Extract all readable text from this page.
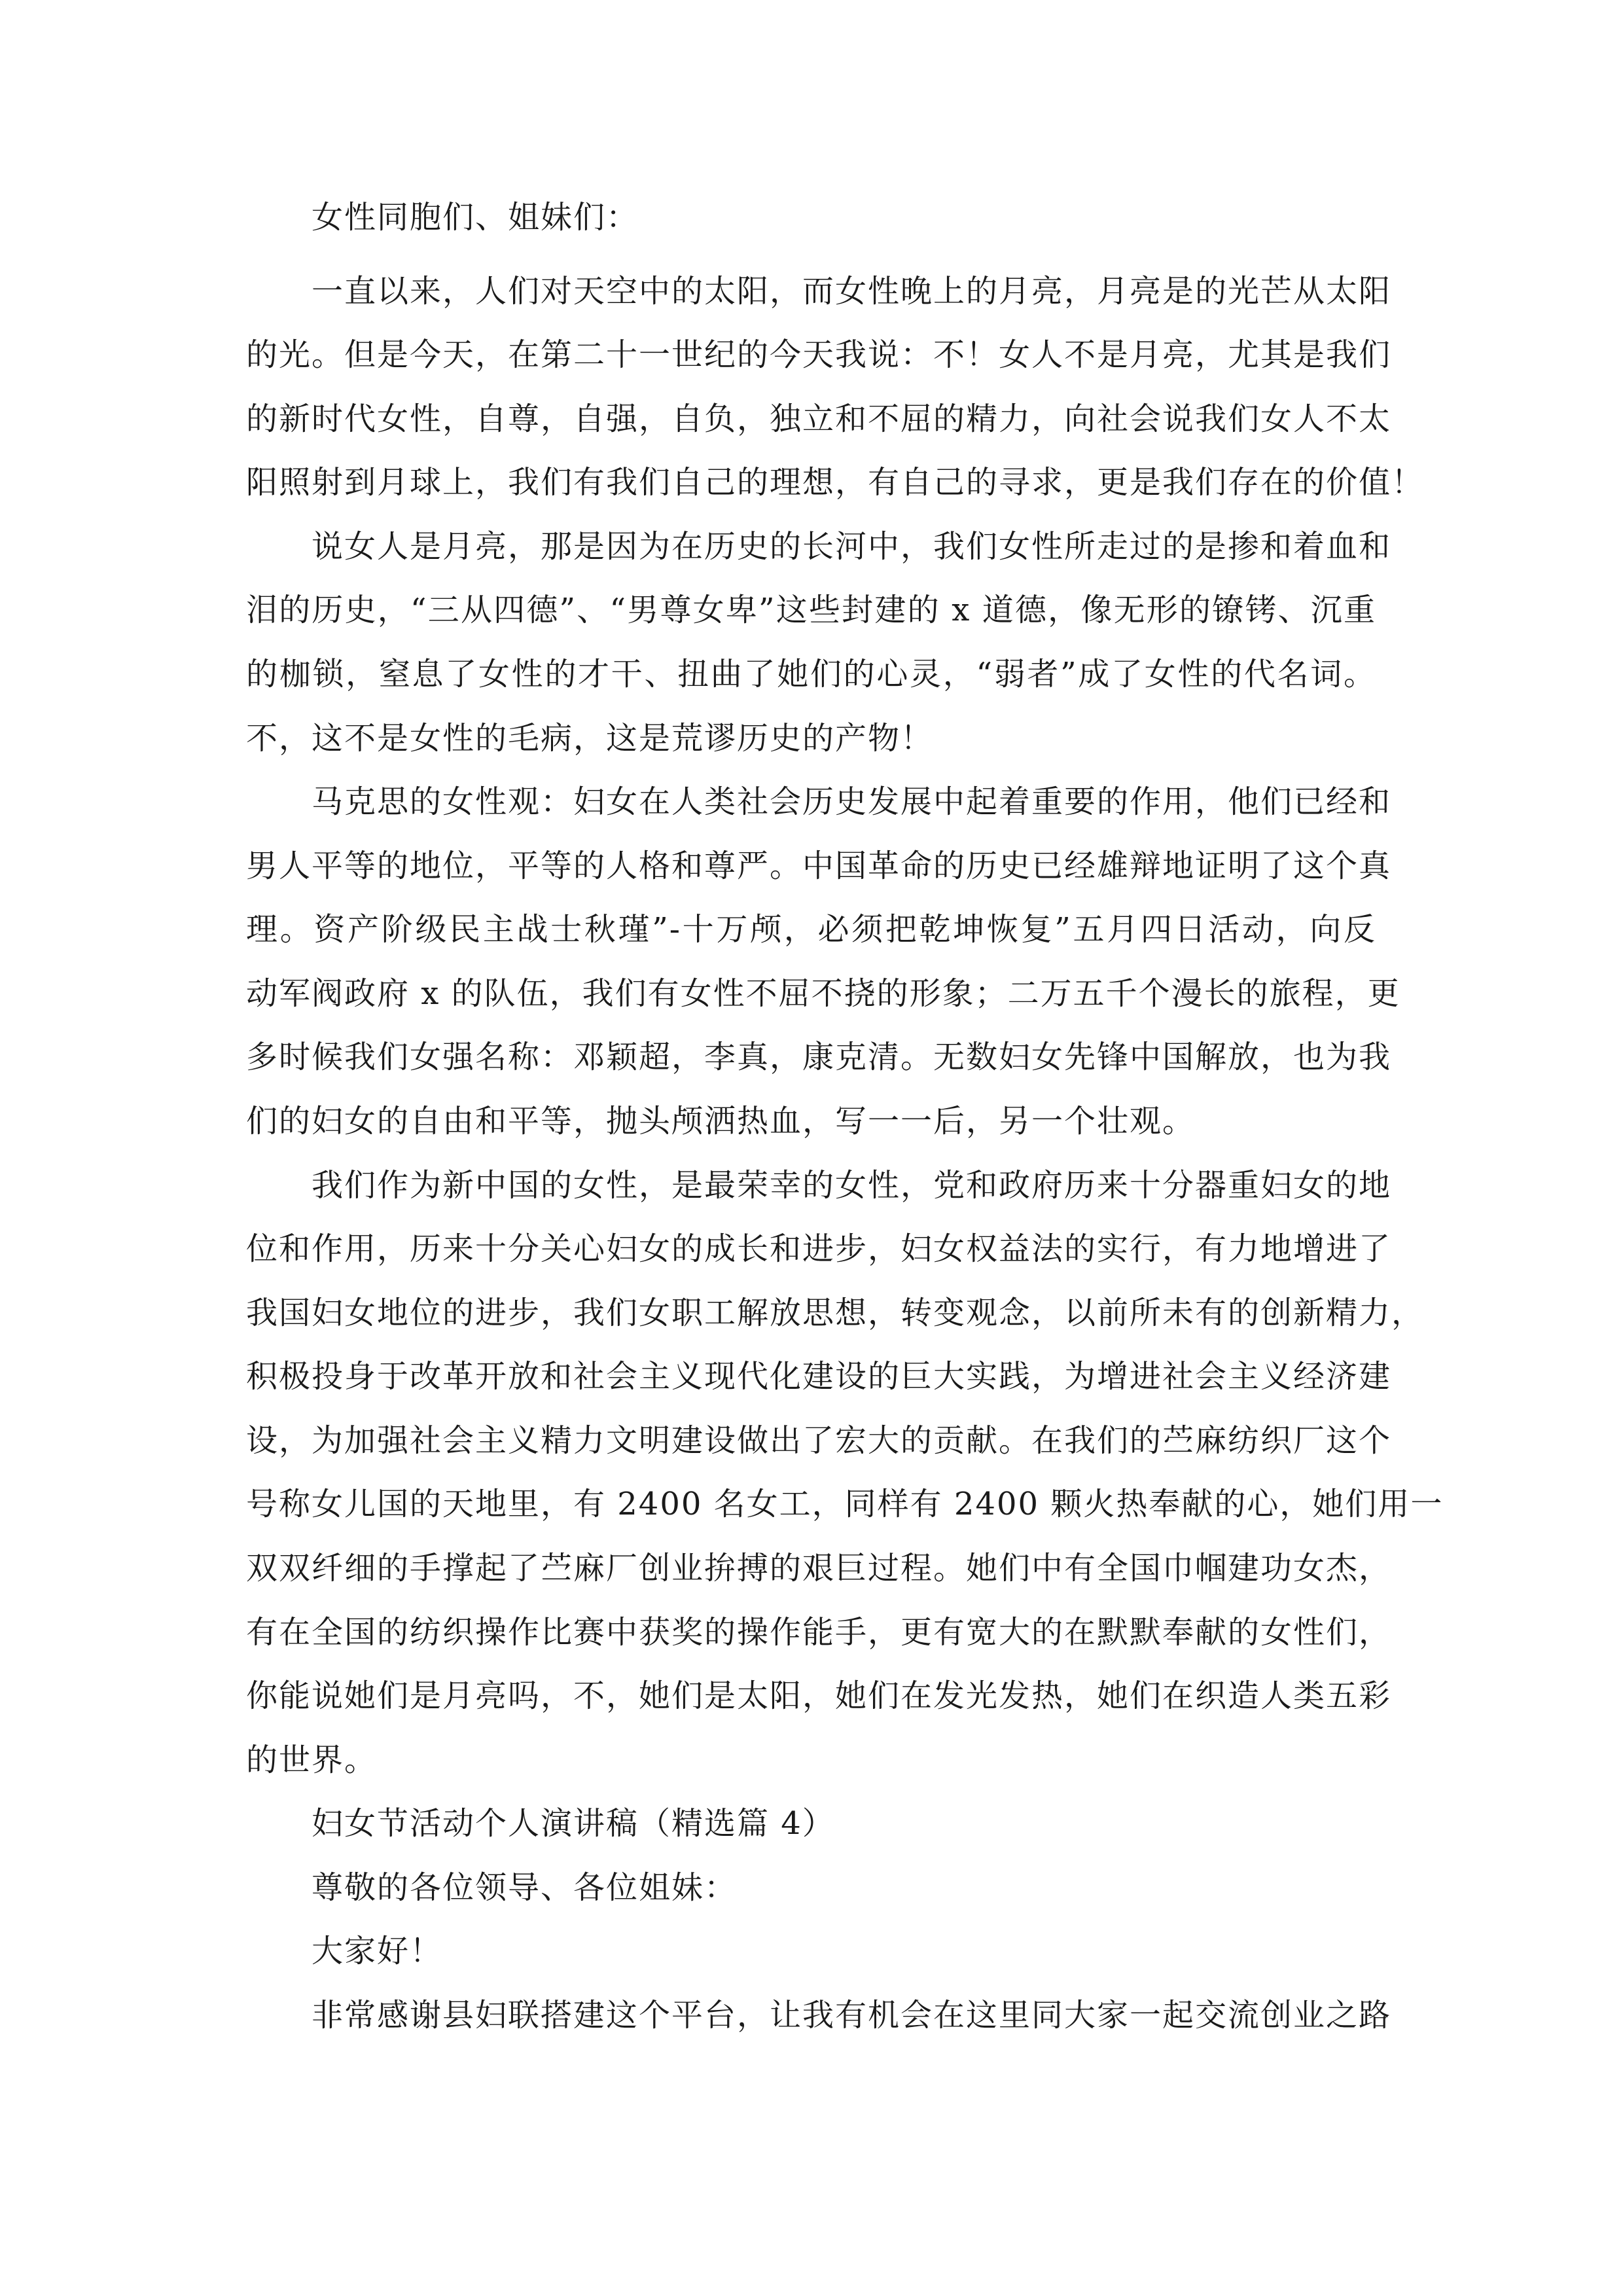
女性同胞们、姐妹们：

一直以来，人们对天空中的太阳，而女性晚上的月亮，月亮是的光芒从太阳

的光。但是今天，在第二十一世纪的今天我说：不！女人不是月亮，尤其是我们

的新时代女性，自尊，自强，自负，独立和不屈的精力，向社会说我们女人不太

阳照射到月球上，我们有我们自己的理想，有自己的寻求，更是我们存在的价值！

说女人是月亮，那是因为在历史的长河中，我们女性所走过的是掺和着血和

泪的历史，“三从四德”、“男尊女卑”这些封建的 x 道德，像无形的镣铐、沉重

的枷锁，窒息了女性的才干、扭曲了她们的心灵，“弱者”成了女性的代名词。

不，这不是女性的毛病，这是荒谬历史的产物！

马克思的女性观：妇女在人类社会历史发展中起着重要的作用，他们已经和

男人平等的地位，平等的人格和尊严。中国革命的历史已经雄辩地证明了这个真

理。资产阶级民主战士秋瑾”-十万颅，必须把乾坤恢复”五月四日活动，向反

动军阀政府 x 的队伍，我们有女性不屈不挠的形象；二万五千个漫长的旅程，更

多时候我们女强名称：邓颖超，李真，康克清。无数妇女先锋中国解放，也为我

们的妇女的自由和平等，抛头颅洒热血，写一一后，另一个壮观。

我们作为新中国的女性，是最荣幸的女性，党和政府历来十分器重妇女的地

位和作用，历来十分关心妇女的成长和进步，妇女权益法的实行，有力地增进了

我国妇女地位的进步，我们女职工解放思想，转变观念，以前所未有的创新精力，

积极投身于改革开放和社会主义现代化建设的巨大实践，为增进社会主义经济建

设，为加强社会主义精力文明建设做出了宏大的贡献。在我们的苎麻纺织厂这个

号称女儿国的天地里，有 2400 名女工，同样有 2400 颗火热奉献的心，她们用一

双双纤细的手撑起了苎麻厂创业拚搏的艰巨过程。她们中有全国巾帼建功女杰，

有在全国的纺织操作比赛中获奖的操作能手，更有宽大的在默默奉献的女性们，

你能说她们是月亮吗，不，她们是太阳，她们在发光发热，她们在织造人类五彩

的世界。

妇女节活动个人演讲稿（精选篇 4）

尊敬的各位领导、各位姐妹：

大家好！

非常感谢县妇联搭建这个平台，让我有机会在这里同大家一起交流创业之路
